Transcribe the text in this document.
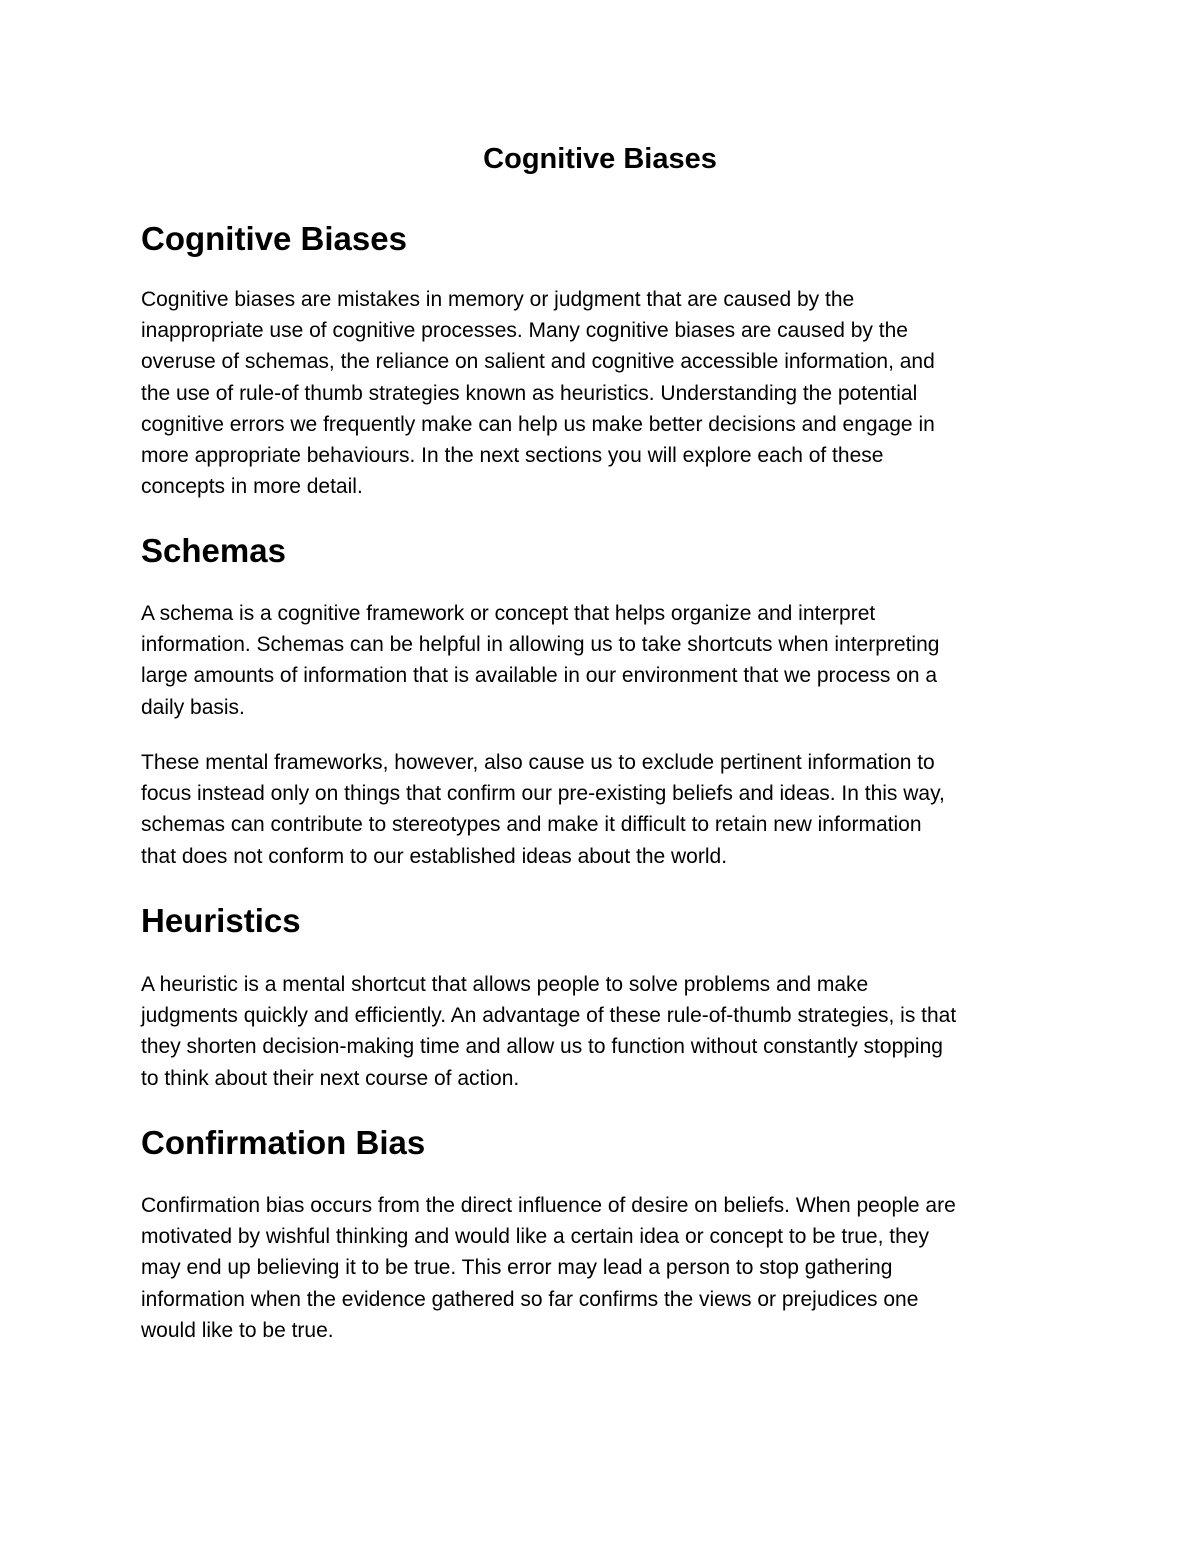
Cognitive Biases
Cognitive Biases

Cognitive biases are mistakes in memory or judgment that are caused by the
inappropriate use of cognitive processes. Many cognitive biases are caused by the
overuse of schemas, the reliance on salient and cognitive accessible information, and
the use of rule-of thumb strategies known as heuristics. Understanding the potential
cognitive errors we frequently make can help us make better decisions and engage in
more appropriate behaviours. In the next sections you will explore each of these
concepts in more detail.

Schemas

A schema is a cognitive framework or concept that helps organize and interpret
information. Schemas can be helpful in allowing us to take shortcuts when interpreting
large amounts of information that is available in our environment that we process on a
daily basis.

These mental frameworks, however, also cause us to exclude pertinent information to
focus instead only on things that confirm our pre-existing beliefs and ideas. In this way,
schemas can contribute to stereotypes and make it difficult to retain new information
that does not conform to our established ideas about the world.

Heuristics

A heuristic is a mental shortcut that allows people to solve problems and make
judgments quickly and efficiently. An advantage of these rule-of-thumb strategies, is that
they shorten decision-making time and allow us to function without constantly stopping
to think about their next course of action.

Confirmation Bias

Confirmation bias occurs from the direct influence of desire on beliefs. When people are
motivated by wishful thinking and would like a certain idea or concept to be true, they
may end up believing it to be true. This error may lead a person to stop gathering
information when the evidence gathered so far confirms the views or prejudices one
would like to be true.
